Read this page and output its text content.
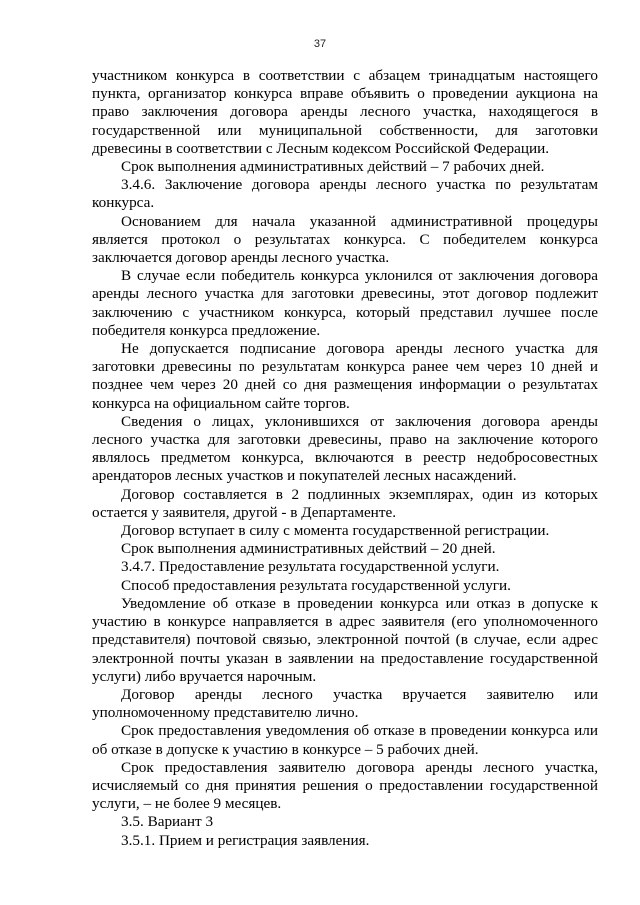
37

участником конкурса в соответствии с абзацем тринадцатым настоящего пункта, организатор конкурса вправе объявить о проведении аукциона на право заключения договора аренды лесного участка, находящегося в государственной или муниципальной собственности, для заготовки древесины в соответствии с Лесным кодексом Российской Федерации.

Срок выполнения административных действий – 7 рабочих дней.

3.4.6. Заключение договора аренды лесного участка по результатам конкурса.

Основанием для начала указанной административной процедуры является протокол о результатах конкурса. С победителем конкурса заключается договор аренды лесного участка.

В случае если победитель конкурса уклонился от заключения договора аренды лесного участка для заготовки древесины, этот договор подлежит заключению с участником конкурса, который представил лучшее после победителя конкурса предложение.

Не допускается подписание договора аренды лесного участка для заготовки древесины по результатам конкурса ранее чем через 10 дней и позднее чем через 20 дней со дня размещения информации о результатах конкурса на официальном сайте торгов.

Сведения о лицах, уклонившихся от заключения договора аренды лесного участка для заготовки древесины, право на заключение которого являлось предметом конкурса, включаются в реестр недобросовестных арендаторов лесных участков и покупателей лесных насаждений.

Договор составляется в 2 подлинных экземплярах, один из которых остается у заявителя, другой - в Департаменте.

Договор вступает в силу с момента государственной регистрации.

Срок выполнения административных действий – 20 дней.

3.4.7. Предоставление результата государственной услуги.

Способ предоставления результата государственной услуги.

Уведомление об отказе в проведении конкурса или отказ в допуске к участию в конкурсе направляется в адрес заявителя (его уполномоченного представителя) почтовой связью, электронной почтой (в случае, если адрес электронной почты указан в заявлении на предоставление государственной услуги) либо вручается нарочным.

Договор аренды лесного участка вручается заявителю или уполномоченному представителю лично.

Срок предоставления уведомления об отказе в проведении конкурса или об отказе в допуске к участию в конкурсе – 5 рабочих дней.

Срок предоставления заявителю договора аренды лесного участка, исчисляемый со дня принятия решения о предоставлении государственной услуги, – не более 9 месяцев.

3.5. Вариант 3

3.5.1. Прием и регистрация заявления.
